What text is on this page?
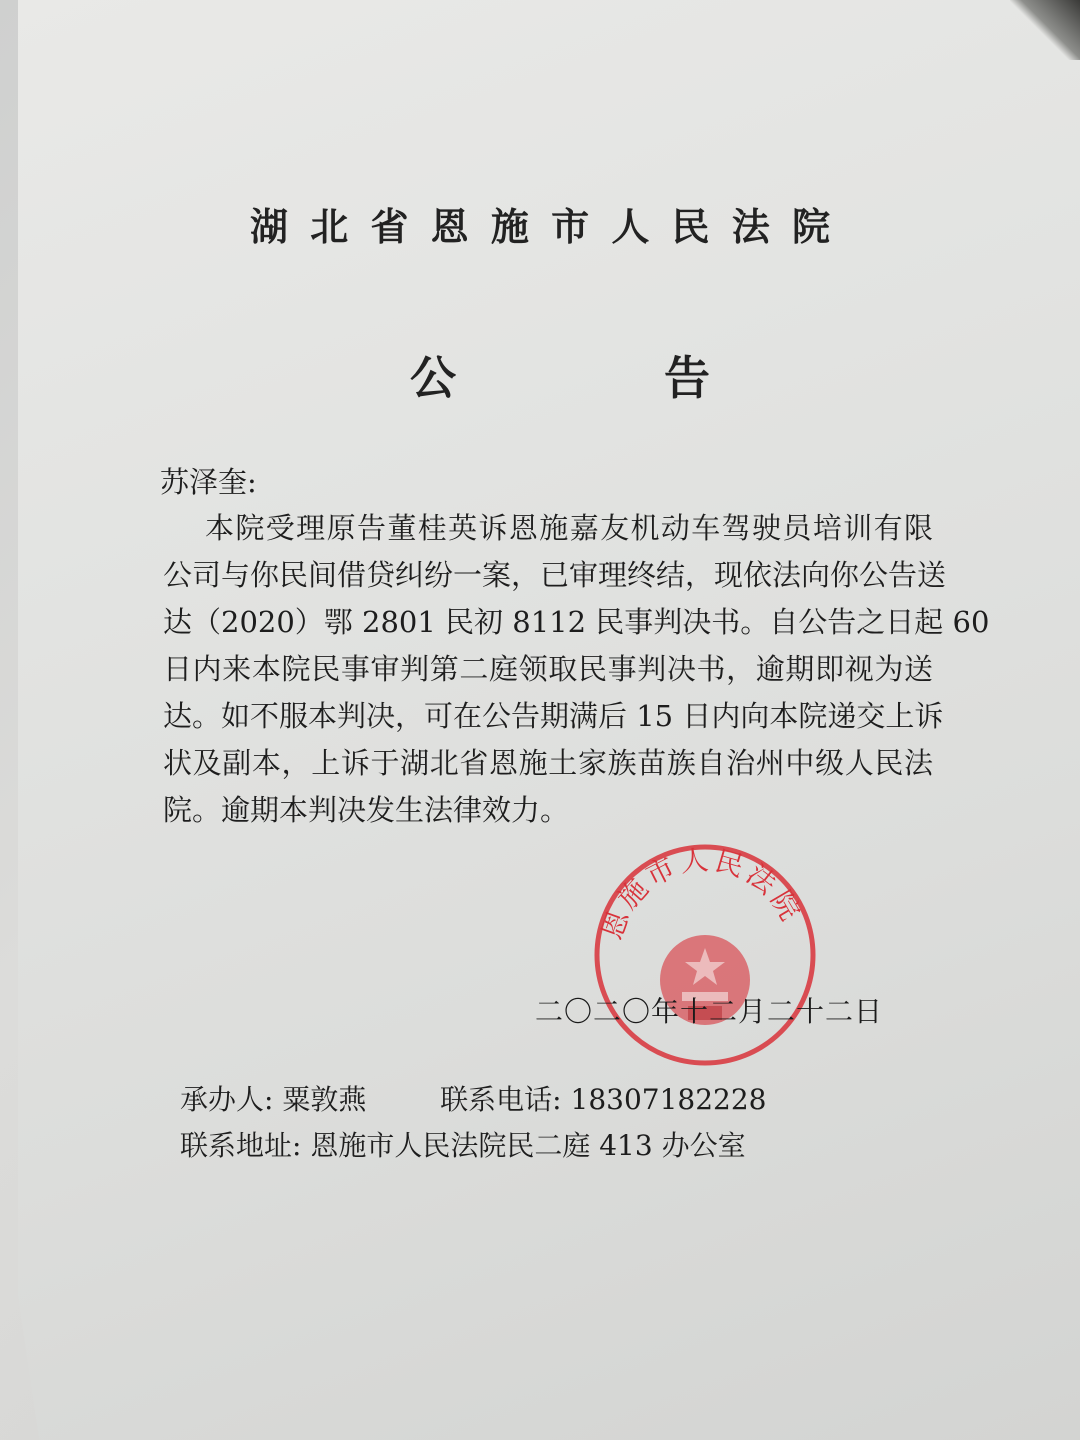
湖 北 省 恩 施 市 人 民 法 院
公	告
苏泽奎:
本院受理原告董桂英诉恩施嘉友机动车驾驶员培训有限
公司与你民间借贷纠纷一案，已审理终结，现依法向你公告送
达（2020）鄂 2801 民初 8112 民事判决书。自公告之日起 60
日内来本院民事审判第二庭领取民事判决书，逾期即视为送
达。如不服本判决，可在公告期满后 15 日内向本院递交上诉
状及副本，上诉于湖北省恩施土家族苗族自治州中级人民法
院。逾期本判决发生法律效力。
恩施市人民法院
二〇二〇年十二月二十二日
承办人: 粟敦燕	联系电话: 18307182228
联系地址: 恩施市人民法院民二庭 413 办公室
